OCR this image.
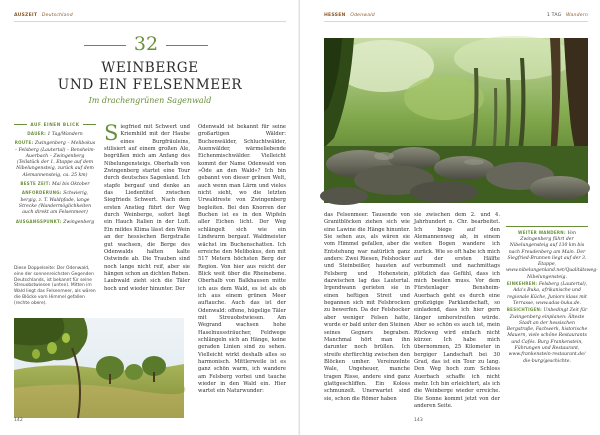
AUSZEIT Deutschland
32
WEINBERGE
UND EIN FELSENMEER
Im drachengrünen Sagenwald
AUF EINEN BLICK

DAUER: 1 Tag/Wandern

ROUTE: Zwingenberg – Melibokus – Felsberg (Lautertal) – Bensheim-Auerbach – Zwingenberg (Teilstück der 1. Etappe auf dem Nibelungensteig, zurück auf dem Alemannensteig, ca. 25 km)

BESTE ZEIT: Mai bis Oktober

ANFORDERUNG: Schwierig, bergig, z. T. Waldpfade, lange Strecke (Wandermöglichkeiten auch direkt am Felsenmeer)

AUSGANGSPUNKT: Zwingenberg

Diese Doppelseite: Der Odenwald, eine der sonnenreichsten Gegenden Deutschlands, ist bekannt für seine Streuobstwiesen (unten). Mitten im Wald liegt das Felsenmeer, als wären die Blöcke vom Himmel gefallen (rechte obere).

Siegfried mit Schwert und Kriemhild mit der Haube eines Burgfräuleins, stilisiert auf einem großen Ale, begrüßen mich am Anfang des Nibelungensteigs. Oberhalb von Zwingenberg startet eine Tour durch deutsches Sagenland. Ich stapfe bergauf und denke an das Liedentitel zwischen Siegfrieds Schwert. Nach dem ersten Anstieg führt der Weg durch Weinberge, sofort liegt ein Hauch Italien in der Luft. Ein mildes Klima lässt den Wein an der hessischen Bergstraße gut wachsen, die Berge des Odenwalds halten kalte Ostwinde ab. Die Trauben sind noch lange nicht reif, aber sie hängen schon an dichten Reben. Laubwald zieht sich die Täler hoch und wieder hinunter. Der

Odenwald ist bekannt für seine großartigen Wälder: Buchenwälder, Schluchtwälder, Auenwälder, wärmeliebende Eichenmischwälder. Vielleicht kommt der Name Odenwald von »Öde an den Wald«? Ich bin gebannt von dieser grünen Welt, auch wenn man Lärm und vieles nicht sieht, wo die letzten Urwaldreste von Zwingenberg begleiten. Bei den Knorren der Buchen ist es in den Wipfeln aller Eichen licht. Der Weg schlängelt sich wie ein Lindwurm bergauf. Waldmeister wächst im Buchenschatten. Ich erreiche den Melibokus, den mit 517 Metern höchsten Berg der Region. Von hier aus reicht der Blick weit über die Rheinebene. Oberhalb von Balkhausen mitte ich aus dem Wald, es ist als ob ich aus einem grünen Meer auftauche. Auch das ist der Odenwald: offene, hügelige Täler mit Streuobstwiesen. Am Wegrand wachsen hohe Haselnusssträucher, Feldwege schlängeln sich an Hänge, keine geraden Linien sind zu sehen. Vielleicht wirkt deshalb alles so harmonisch. Mittlerweile ist es ganz schön warm, ich wandere am Felsberg vorbei und tauche wieder in den Wald ein. Hier wartet ein Naturwunder:

142
HESSEN Odenwald	1 TAG Wandern

das Felsenmeer. Tausende von Granitblöcken ziehen sich wie eine Lawine die Hänge hinunter. Sie sehen aus, als wären sie vom Himmel gefallen, aber die Entstehung war natürlich ganz anders: Zwei Riesen, Felshocker und Steinbeißer, hausten auf Felsberg und Hohenstein, dazwischen lag das Lautertal. Irgendwann gerieten sie in einen heftigen Streit und begannen sich mit Felsbrocken zu bewerfen. Da der Felshocker aber weniger Felsen hatte, wurde er bald unter den Steinen seines Gegners begraben. Manchmal hört man ihn darunter noch brüllen. Ich streife ehrfürchtig zwischen den Blöcken umher. Vereinzelnte Wale, Ungeheuer, manche tragen Risse, andere sind ganz glattgeschliffen. Ein Koloss schmunzelt. Unerwartet sind sie, schon die Römer haben

sie zwischen dem 2. und 4. Jahrhundert n. Chr. bearbeitet. Ich biege auf den Alemannenweg ab, in einem weiten Bogen wandere ich zurück. Wie so oft habe ich mich auf der ersten Hälfte verbummelt und nachmittags plötzlich das Gefühl, dass ich mich beeilen muss. Vor dem Fürstenlager Bensheim-Auerbach geht es durch eine großzügige Parklandschaft, so einladend, dass ich hier gern länger umherstreifen würde. Aber so schön es auch ist, mein Rückweg wird einfach nicht kürzer. Ich habe mich übernommen, 25 Kilometer in bergiger Landschaft bei 30 Grad, das ist ein Tour zu lang. Den Weg hoch zum Schloss Auerbach schaffe ich nicht mehr. Ich bin erleichtert, als ich die Weinberge wieder erreiche. Die Sonne kommt jetzt von der anderen Seite.

WEITER WANDERN: Von Zwingenberg führt der Nibelungensteig auf 130 km bis nach Freudenberg am Main. Der Siegfried-Brunnen liegt auf der 3. Etappe, www.nibelungenland.net/Qualitätsweg-Nibelungensteig.

EINKEHREN: Felsberg (Lautertal), Ada's Buka, afrikanische und regionale Küche, Juniors klass mit Terrasse, www.adas-buka.de.

BESICHTIGEN: Unbedingt Zeit für Zwingenberg einplanen: Älteste Stadt an der hessischen Bergstraße, Fachwerk, historische Mauern, viele schöne Restaurants und Cafés. Burg Frankenstein, Führungen und Restaurant, www.frankenstein-restaurant.de/ die-burg/geschichte.

143
